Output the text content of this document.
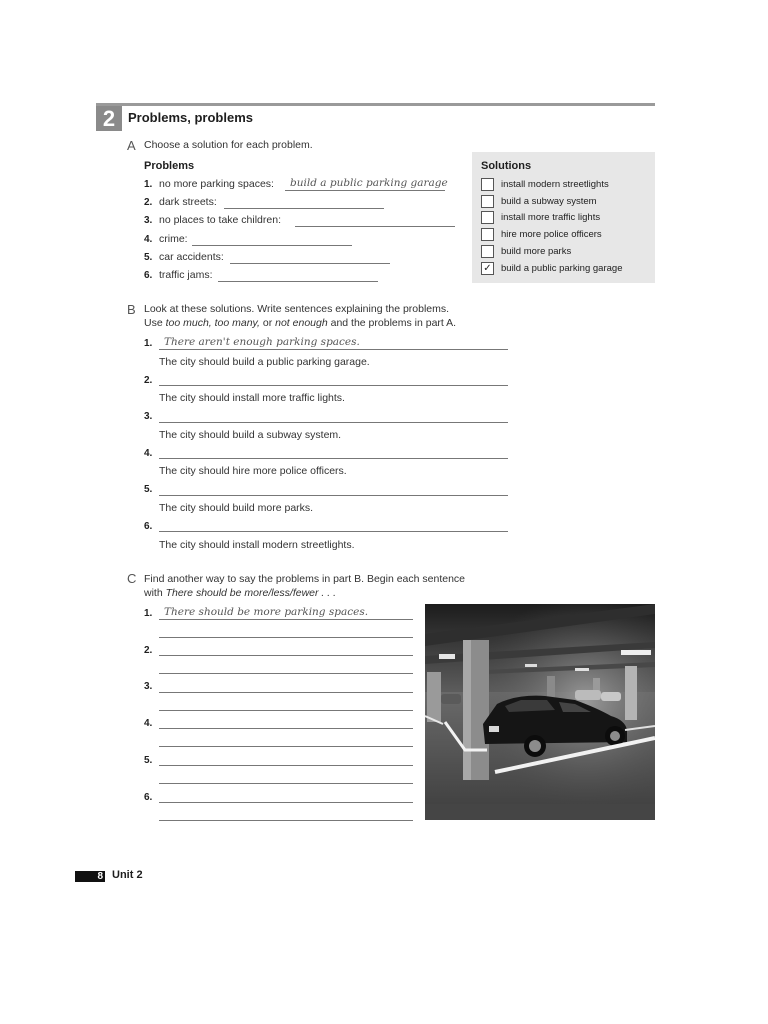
2 Problems, problems
A Choose a solution for each problem.
Problems
1. no more parking spaces: build a public parking garage
2. dark streets:
3. no places to take children:
4. crime:
5. car accidents:
6. traffic jams:
Solutions
install modern streetlights
build a subway system
install more traffic lights
hire more police officers
build more parks
✓ build a public parking garage
B Look at these solutions. Write sentences explaining the problems.
Use too much, too many, or not enough and the problems in part A.
1. There aren't enough parking spaces.
The city should build a public parking garage.
2.
The city should install more traffic lights.
3.
The city should build a subway system.
4.
The city should hire more police officers.
5.
The city should build more parks.
6.
The city should install modern streetlights.
C Find another way to say the problems in part B. Begin each sentence
with There should be more/less/fewer . . .
1. There should be more parking spaces.
2.
3.
4.
5.
6.
8 Unit 2
